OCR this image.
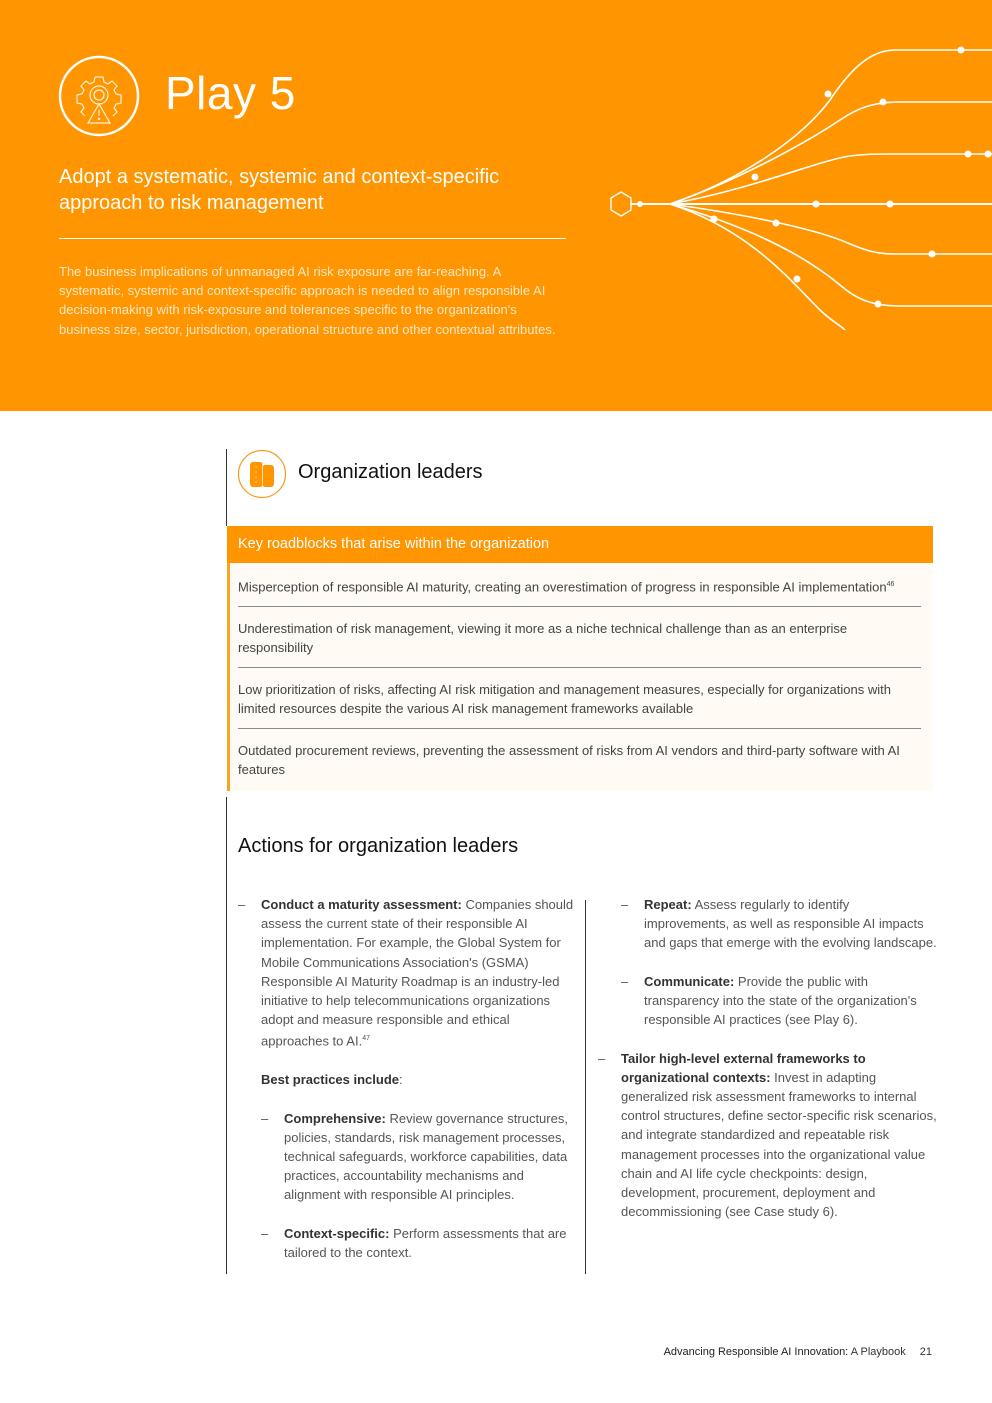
Play 5
Adopt a systematic, systemic and context-specific approach to risk management
The business implications of unmanaged AI risk exposure are far-reaching. A systematic, systemic and context-specific approach is needed to align responsible AI decision-making with risk-exposure and tolerances specific to the organization's business size, sector, jurisdiction, operational structure and other contextual attributes.
Organization leaders
Key roadblocks that arise within the organization
Misperception of responsible AI maturity, creating an overestimation of progress in responsible AI implementation$^{46}$
Underestimation of risk management, viewing it more as a niche technical challenge than as an enterprise responsibility
Low prioritization of risks, affecting AI risk mitigation and management measures, especially for organizations with limited resources despite the various AI risk management frameworks available
Outdated procurement reviews, preventing the assessment of risks from AI vendors and third-party software with AI features
Actions for organization leaders
– Conduct a maturity assessment: Companies should assess the current state of their responsible AI implementation. For example, the Global System for Mobile Communications Association's (GSMA) Responsible AI Maturity Roadmap is an industry-led initiative to help telecommunications organizations adopt and measure responsible and ethical approaches to AI.$^{47}$
Best practices include:
– Comprehensive: Review governance structures, policies, standards, risk management processes, technical safeguards, workforce capabilities, data practices, accountability mechanisms and alignment with responsible AI principles.
– Context-specific: Perform assessments that are tailored to the context.
– Repeat: Assess regularly to identify improvements, as well as responsible AI impacts and gaps that emerge with the evolving landscape.
– Communicate: Provide the public with transparency into the state of the organization's responsible AI practices (see Play 6).
– Tailor high-level external frameworks to organizational contexts: Invest in adapting generalized risk assessment frameworks to internal control structures, define sector-specific risk scenarios, and integrate standardized and repeatable risk management processes into the organizational value chain and AI life cycle checkpoints: design, development, procurement, deployment and decommissioning (see Case study 6).
Advancing Responsible AI Innovation: A Playbook 21
